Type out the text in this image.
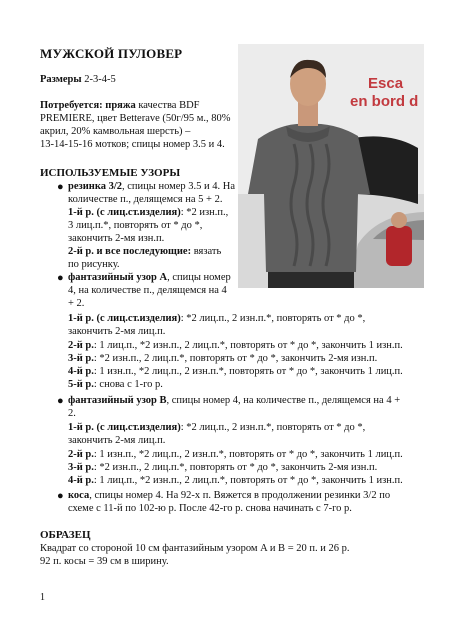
МУЖСКОЙ ПУЛОВЕР
Esca
en bord d
Размеры 2-3-4-5
Потребуется: пряжа качества BDF
PREMIERE, цвет Betterave (50г/95 м., 80%
акрил, 20% камвольная шерсть) –
13-14-15-16 мотков; спицы номер 3.5 и 4.
ИСПОЛЬЗУЕМЫЕ УЗОРЫ
● резинка 3/2, спицы номер 3.5 и 4. На
количестве п., делящемся на 5 + 2.
1-й р. (с лиц.ст.изделия): *2 изн.п.,
3 лиц.п.*, повторять от * до *,
закончить 2-мя изн.п.
2-й р. и все последующие: вязать
по рисунку.
● фантазийный узор A, спицы номер
4, на количестве п., делящемся на 4
+ 2.
1-й р. (с лиц.ст.изделия): *2 лиц.п., 2 изн.п.*, повторять от * до *,
закончить 2-мя лиц.п.
2-й р.: 1 лиц.п., *2 изн.п., 2 лиц.п.*, повторять от * до *, закончить 1 изн.п.
3-й р.: *2 изн.п., 2 лиц.п.*, повторять от * до *, закончить 2-мя изн.п.
4-й р.: 1 изн.п., *2 лиц.п., 2 изн.п.*, повторять от * до *, закончить 1 лиц.п.
5-й р.: снова с 1-го р.
● фантазийный узор B, спицы номер 4, на количестве п., делящемся на 4 +
2.
1-й р. (с лиц.ст.изделия): *2 лиц.п., 2 изн.п.*, повторять от * до *,
закончить 2-мя лиц.п.
2-й р.: 1 изн.п., *2 лиц.п., 2 изн.п.*, повторять от * до *, закончить 1 лиц.п.
3-й р.: *2 изн.п., 2 лиц.п.*, повторять от * до *, закончить 2-мя изн.п.
4-й р.: 1 лиц.п., *2 изн.п., 2 лиц.п.*, повторять от * до *, закончить 1 изн.п.
● коса, спицы номер 4. На 92-х п. Вяжется в продолжении резинки 3/2 по
схеме с 11-й по 102-ю р. После 42-го р. снова начинать с 7-го р.
ОБРАЗЕЦ
Квадрат со стороной 10 см фантазийным узором A и B = 20 п. и 26 р.
92 п. косы = 39 см в ширину.
1
